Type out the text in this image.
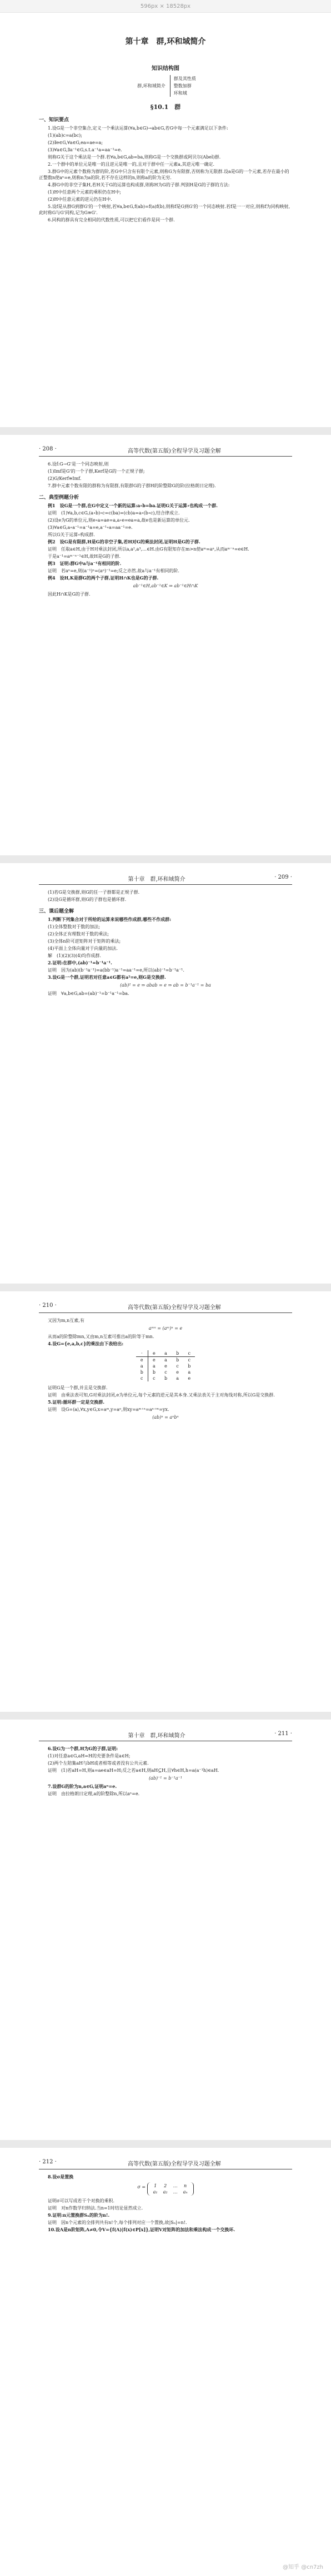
596px × 18528px
第十章　群,环和域简介
知识结构图
群,环和域简介
群及其性质
整数加群
环和域
§10.1　群
一、知识要点
1.设G是一个非空集合,定义一个乘法运算(∀a,b∈G)→ab∈G,若G中每一个元素满足以下条件:
(1)(ab)c=a(bc);
(2)∃e∈G,∀a∈G,ea=ae=a;
(3)∀a∈G,∃a⁻¹∈G,s.t.a⁻¹a=aa⁻¹=e.
则称G关于这个乘法是一个群.若∀a,b∈G,ab=ba,则称G是一个交换群或阿贝尔(Abel)群.
2.一个群中的单位元是唯一的且逆元是唯一的,且对于群中任一元素a,其逆元唯一确定.
3.群G中的元素个数称为群的阶,若G中只含有有限个元素,则称G为有限群,否则称为无限群.设a是G的一个元素,若存在最小的正整数n使aⁿ=e,则称n为a的阶,若不存在这样的n,则称a的阶为无穷.
4.群G中的非空子集H,若H关于G的运算也构成群,则称H为G的子群.判别H是G的子群的方法:
(1)H中任意两个元素的乘积仍在H中;
(2)H中任意元素的逆元仍在H中.
5.设f是从群G到群G'的一个映射,若∀a,b∈G,f(ab)=f(a)f(b),则称f是G到G'的一个同态映射.若f是一一对应,则称f为同构映射,此时称G与G'同构,记为G≅G'.
6.同构的群具有完全相同的代数性质,可以把它们看作是同一个群.
· 208 ·	高等代数(第五版)全程导学及习题全解
6.设f:G→G'是一个同态映射,则
(1)Imf是G'的一个子群,Kerf是G的一个正规子群;
(2)G/Kerf≅Imf.
7.群中元素个数有限的群称为有限群,有限群G的子群H的阶整除G的阶(拉格朗日定理).
二、典型例题分析
例1　设G是一个群,在G中定义一个新的运算:a∘b=ba.证明G关于运算∘也构成一个群.
证明　(1)∀a,b,c∈G,(a∘b)∘c=c(ba)=(cb)a=a∘(b∘c),结合律成立.
(2)设e为G的单位元,则e∘a=ae=a,a∘e=ea=a,故e也是新运算的单位元.
(3)∀a∈G,a∘a⁻¹=a⁻¹a=e,a⁻¹∘a=aa⁻¹=e.
所以G关于运算∘构成群.
例2　设G是有限群,H是G的非空子集,若H对G的乘法封闭,证明H是G的子群.
证明　任取a∈H,由于H对乘法封闭,所以a,a²,a³,…∈H.由G有限知存在m>n使aᵐ=aⁿ,从而aᵐ⁻ⁿ=e∈H.
于是a⁻¹=aᵐ⁻ⁿ⁻¹∈H,故H是G的子群.
例3　证明:群G中a与a⁻¹有相同的阶.
证明　若aⁿ=e,则(a⁻¹)ⁿ=(aⁿ)⁻¹=e;反之亦然.故a与a⁻¹有相同的阶.
例4　设H,K是群G的两个子群,证明H∩K也是G的子群.
ab⁻¹∈H,ab⁻¹∈K ⇒ ab⁻¹∈H∩K
因此H∩K是G的子群.
第十章　群,环和域简介	· 209 ·
(1)若G是交换群,则G的任一子群都是正规子群.
(2)设G是循环群,则G的子群也是循环群.
三、课后题全解
1.判断下列集合对于所给的运算来说哪些作成群,哪些不作成群:
(1)全体整数对于数的加法;
(2)全体正有理数对于数的乘法;
(3)全体n阶可逆矩阵对于矩阵的乘法;
(4)平面上全体向量对于向量的加法.
解　(1)(2)(3)(4)均作成群.
2.证明:在群中,(ab)⁻¹=b⁻¹a⁻¹.
证明　因为(ab)(b⁻¹a⁻¹)=a(bb⁻¹)a⁻¹=aa⁻¹=e,所以(ab)⁻¹=b⁻¹a⁻¹.
3.设G是一个群,证明若对任意a∈G都有a²=e,则G是交换群.
(ab)² = e ⇒ abab = e ⇒ ab = b⁻¹a⁻¹ = ba
证明　∀a,b∈G,ab=(ab)⁻¹=b⁻¹a⁻¹=ba.
· 210 ·	高等代数(第五版)全程导学及习题全解
又因为m,n互素,有
aᵐⁿ = (aᵐ)ⁿ = e
从而a的阶整除mn,又由m,n互素可推出a的阶等于mn.
4.设G={e,a,b,c}的乘法由下表给出:
·	e	a	b	c
e	e	a	b	c
a	a	e	c	b
b	b	c	e	a
c	c	b	a	e
证明G是一个群,并且是交换群.
证明　由乘法表可知,G对乘法封闭,e为单位元,每个元素的逆元是其本身.又乘法表关于主对角线对称,所以G是交换群.
5.证明:循环群一定是交换群.
证明　设G=⟨a⟩,∀x,y∈G,x=aᵐ,y=aⁿ,则xy=aᵐ⁺ⁿ=aⁿ⁺ᵐ=yx.
(ab)ⁿ = aⁿbⁿ
第十章　群,环和域简介	· 211 ·
6.设G为一个群,H为G的子群,证明:
(1)对任意a∈G,aH=H的充要条件是a∈H;
(2)两个左陪集aH与bH或者相等或者没有公共元素.
证明　(1)若aH=H,则a=ae∈aH=H;反之若a∈H,则aH⊆H,且∀h∈H,h=a(a⁻¹h)∈aH.
(ab)⁻¹ = b⁻¹a⁻¹
7.设群G的阶为n,a∈G,证明aⁿ=e.
证明　由拉格朗日定理,a的阶整除n,所以aⁿ=e.
· 212 ·	高等代数(第五版)全程导学及习题全解
8.设σ是置换
σ = 1	2	…	n
a₁	a₂	…	aₙ
证明σ可以写成若干个对换的乘积.
证明　对n作数学归纳法.当n=1时结论显然成立.
9.证明:n元置换群Sₙ的阶为n!.
证明　因n个元素的全排列共有n!个,每个排列对应一个置换,故|Sₙ|=n!.
10.设A是n阶矩阵,A≠0,令V={f(A)|f(x)∈P[x]},证明V对矩阵的加法和乘法构成一个交换环.
@知乎 @cn7zh
